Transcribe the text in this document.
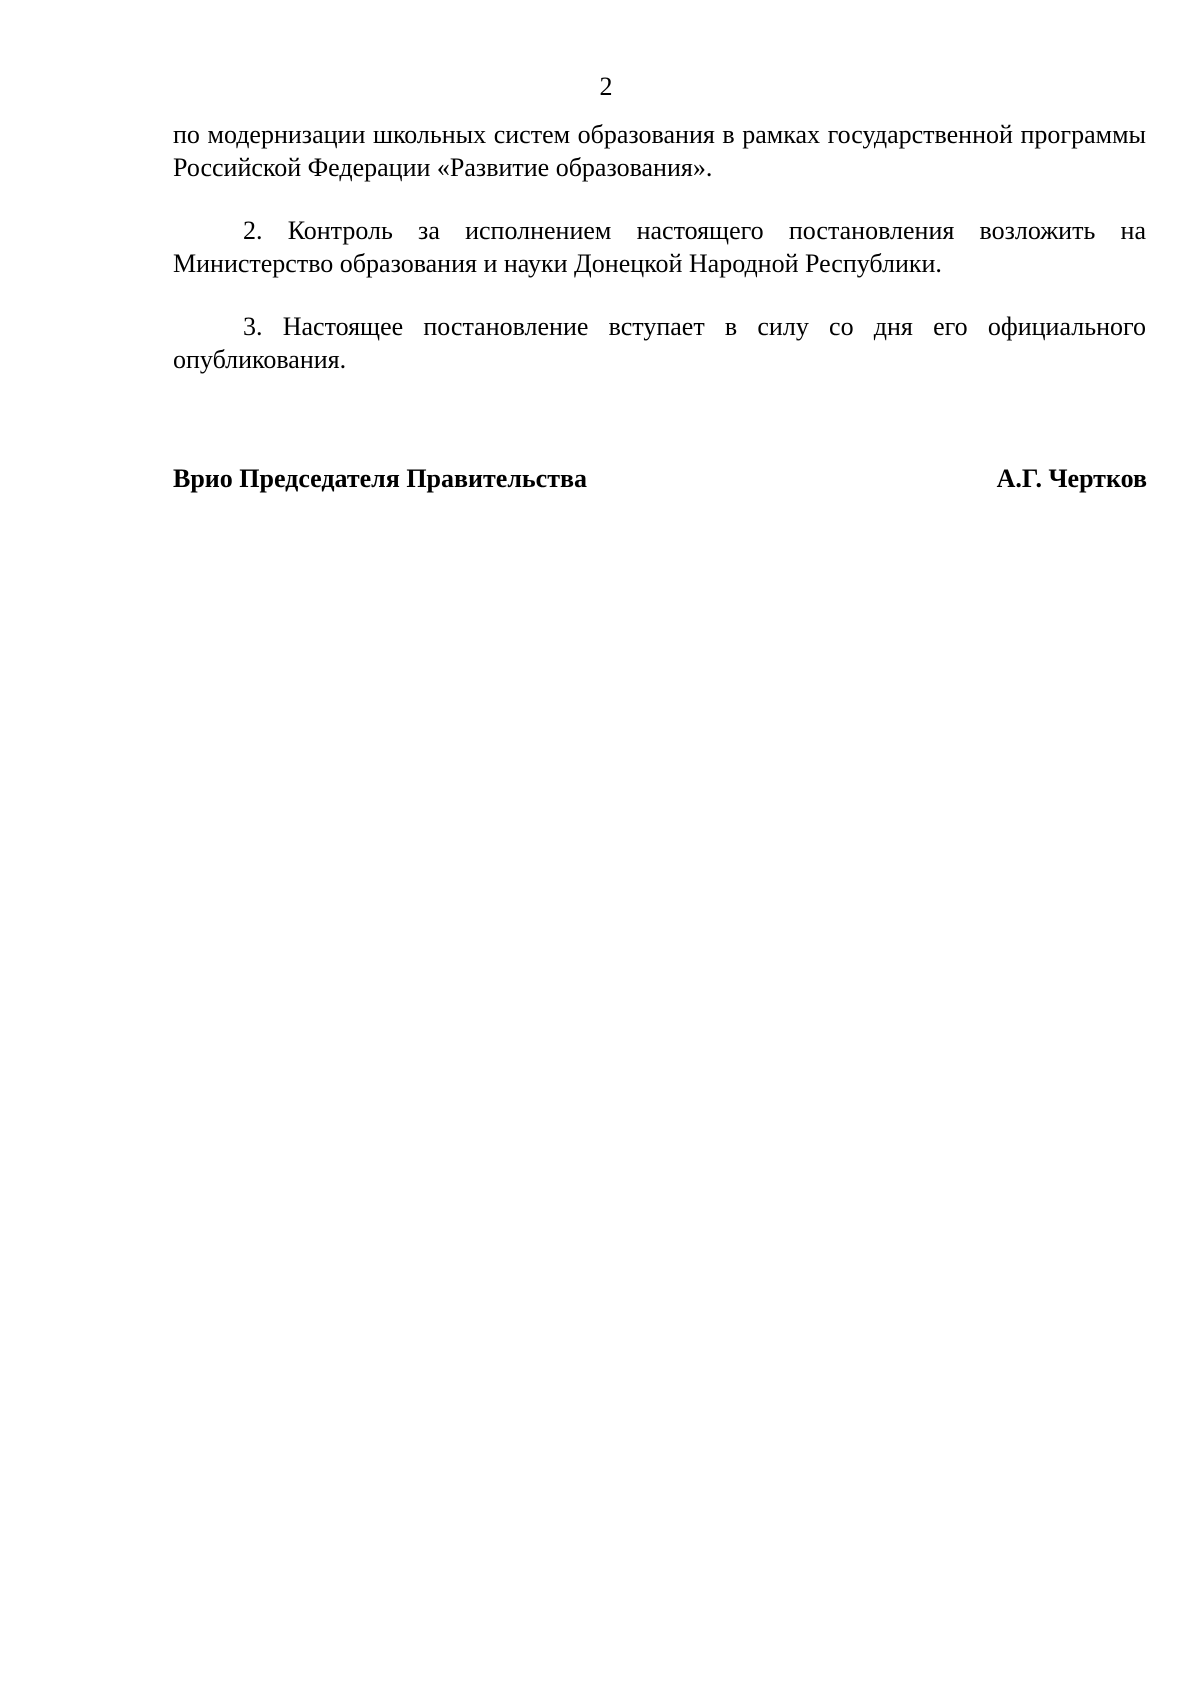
2

по модернизации школьных систем образования в рамках государственной программы Российской Федерации «Развитие образования».

2. Контроль за исполнением настоящего постановления возложить на Министерство образования и науки Донецкой Народной Республики.

3. Настоящее постановление вступает в силу со дня его официального опубликования.

Врио Председателя Правительства	А.Г. Чертков
